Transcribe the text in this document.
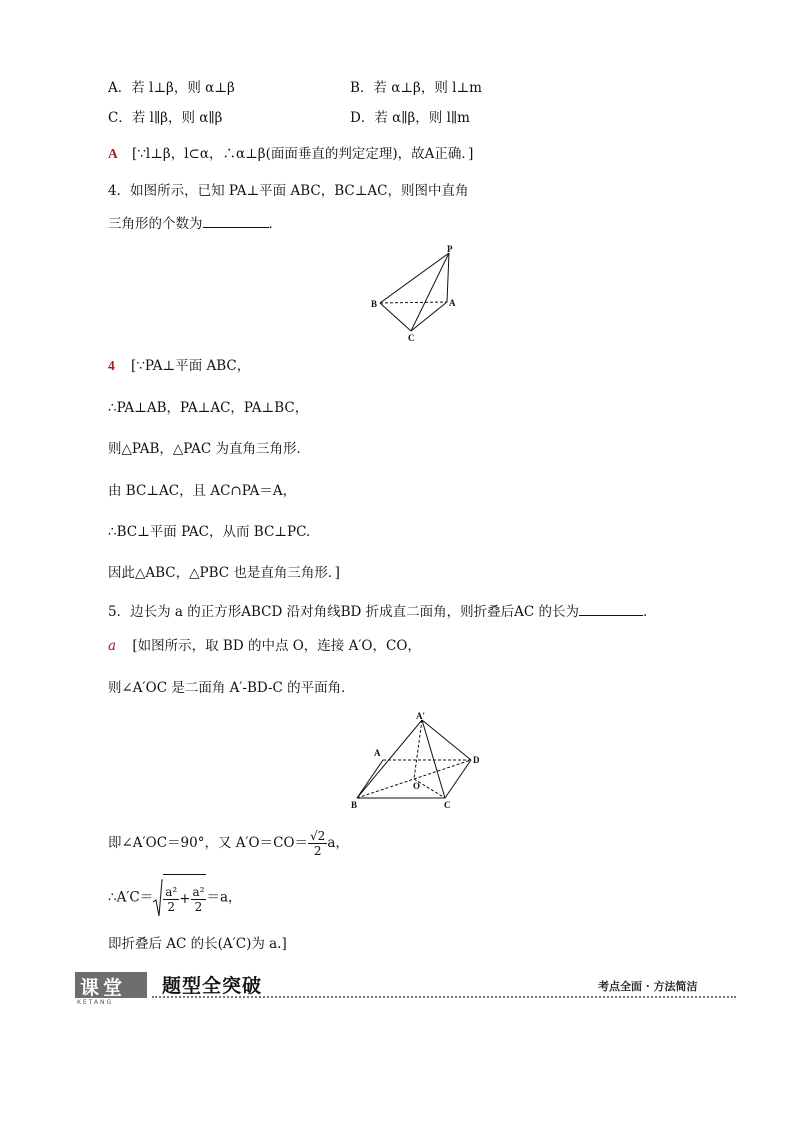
A．若 l⊥β，则 α⊥β	B．若 α⊥β，则 l⊥m
C．若 l∥β，则 α∥β	D．若 α∥β，则 l∥m
A [∵l⊥β，l⊂α，∴α⊥β(面面垂直的判定定理)，故A正确．]
4．如图所示，已知 PA⊥平面 ABC，BC⊥AC，则图中直角
三角形的个数为	．
P
A
B
C
4 [∵PA⊥平面 ABC，
∴PA⊥AB，PA⊥AC，PA⊥BC，
则△PAB，△PAC 为直角三角形．
由 BC⊥AC，且 AC∩PA＝A，
∴BC⊥平面 PAC，从而 BC⊥PC.
因此△ABC，△PBC 也是直角三角形．]
5．边长为 a 的正方形ABCD 沿对角线BD 折成直二面角，则折叠后AC 的长为	．
a [如图所示，取 BD 的中点 O，连接 A′O，CO，
则∠A′OC 是二面角 A′-BD-C 的平面角．
A′
A
B	C
D
O
即∠A′OC＝90°，又 $A'O=CO= \frac{√2}{2}$ a，
∴A′C＝ $\frac{\text{a²}}{2} + \frac{\text{a²}}{2} =a$，
即折叠后 AC 的长(A′C)为 a.]
课堂
KETANG
题型全突破	考点全面 · 方法简洁
